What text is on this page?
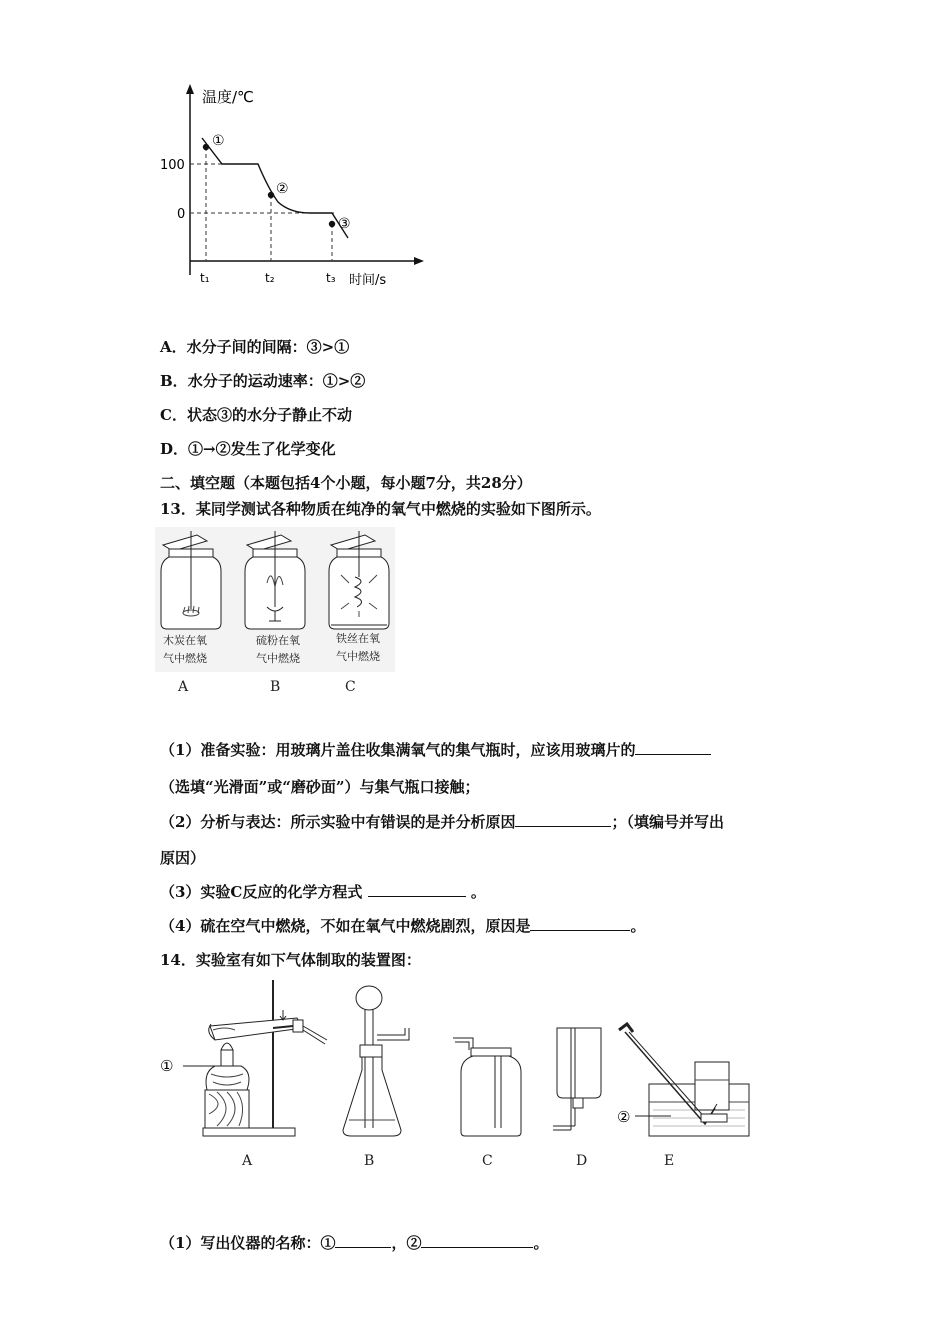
温度/℃
100
0
①
②
③
t₁	t₂	t₃ 时间/s
A．水分子间的间隔：③>①
B．水分子的运动速率：①>②
C．状态③的水分子静止不动
D．①→②发生了化学变化
二、填空题（本题包括4个小题，每小题7分，共28分）
13．某同学测试各种物质在纯净的氧气中燃烧的实验如下图所示。
木炭在氧
气中燃烧
硫粉在氧
气中燃烧
铁丝在氧
气中燃烧
A	B	C
（1）准备实验：用玻璃片盖住收集满氧气的集气瓶时，应该用玻璃片的
（选填“光滑面”或“磨砂面”）与集气瓶口接触；
（2）分析与表达：所示实验中有错误的是并分析原因	；（填编号并写出
原因）
（3）实验C反应的化学方程式	。
（4）硫在空气中燃烧，不如在氧气中燃烧剧烈，原因是	。
14．实验室有如下气体制取的装置图：
①
②
A	B	C	D	E
（1）写出仪器的名称：①	，②	。
